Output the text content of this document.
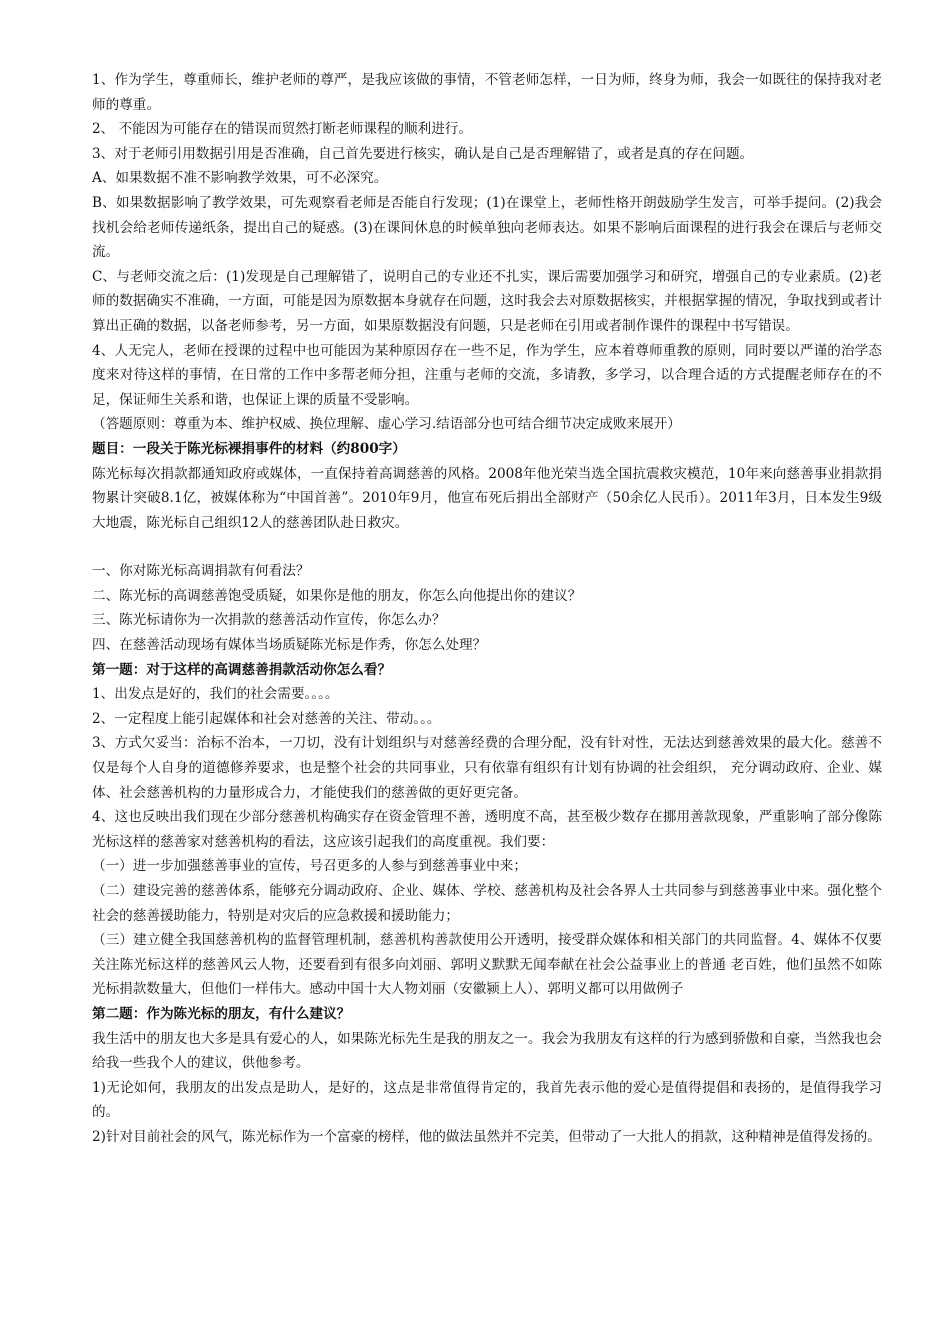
1、作为学生，尊重师长，维护老师的尊严，是我应该做的事情，不管老师怎样，一日为师，终身为师，我会一如既往的保持我对老师的尊重。

2、 不能因为可能存在的错误而贸然打断老师课程的顺利进行。

3、对于老师引用数据引用是否准确，自己首先要进行核实，确认是自己是否理解错了，或者是真的存在问题。

A、如果数据不准不影响教学效果，可不必深究。

B、如果数据影响了教学效果，可先观察看老师是否能自行发现；(1)在课堂上，老师性格开朗鼓励学生发言，可举手提问。(2)我会找机会给老师传递纸条，提出自己的疑惑。(3)在课间休息的时候单独向老师表达。如果不影响后面课程的进行我会在课后与老师交流。

C、与老师交流之后：(1)发现是自己理解错了，说明自己的专业还不扎实，课后需要加强学习和研究，增强自己的专业素质。(2)老师的数据确实不准确，一方面，可能是因为原数据本身就存在问题，这时我会去对原数据核实，并根据掌握的情况，争取找到或者计算出正确的数据，以备老师参考，另一方面，如果原数据没有问题，只是老师在引用或者制作课件的课程中书写错误。

4、人无完人，老师在授课的过程中也可能因为某种原因存在一些不足，作为学生，应本着尊师重教的原则，同时要以严谨的治学态度来对待这样的事情，在日常的工作中多帮老师分担，注重与老师的交流，多请教，多学习，以合理合适的方式提醒老师存在的不足，保证师生关系和谐，也保证上课的质量不受影响。

（答题原则：尊重为本、维护权威、换位理解、虚心学习.结语部分也可结合细节决定成败来展开）

题目：一段关于陈光标裸捐事件的材料（约800字）

陈光标每次捐款都通知政府或媒体，一直保持着高调慈善的风格。2008年他光荣当选全国抗震救灾模范，10年来向慈善事业捐款捐物累计突破8.1亿，被媒体称为“中国首善”。2010年9月，他宣布死后捐出全部财产（50余亿人民币）。2011年3月，日本发生9级大地震，陈光标自己组织12人的慈善团队赴日救灾。

一、你对陈光标高调捐款有何看法？

二、陈光标的高调慈善饱受质疑，如果你是他的朋友，你怎么向他提出你的建议？

三、陈光标请你为一次捐款的慈善活动作宣传，你怎么办？

四、在慈善活动现场有媒体当场质疑陈光标是作秀，你怎么处理？

第一题：对于这样的高调慈善捐款活动你怎么看？

1、出发点是好的，我们的社会需要。。。。

2、一定程度上能引起媒体和社会对慈善的关注、带动。。。

3、方式欠妥当：治标不治本，一刀切，没有计划组织与对慈善经费的合理分配，没有针对性，无法达到慈善效果的最大化。慈善不仅是每个人自身的道德修养要求，也是整个社会的共同事业，只有依靠有组织有计划有协调的社会组织， 充分调动政府、企业、媒体、社会慈善机构的力量形成合力，才能使我们的慈善做的更好更完备。

4、这也反映出我们现在少部分慈善机构确实存在资金管理不善，透明度不高，甚至极少数存在挪用善款现象，严重影响了部分像陈光标这样的慈善家对慈善机构的看法，这应该引起我们的高度重视。我们要：

（一）进一步加强慈善事业的宣传，号召更多的人参与到慈善事业中来；

（二）建设完善的慈善体系，能够充分调动政府、企业、媒体、学校、慈善机构及社会各界人士共同参与到慈善事业中来。强化整个社会的慈善援助能力，特别是对灾后的应急救援和援助能力；

（三）建立健全我国慈善机构的监督管理机制，慈善机构善款使用公开透明，接受群众媒体和相关部门的共同监督。4、媒体不仅要关注陈光标这样的慈善风云人物，还要看到有很多向刘丽、郭明义默默无闻奉献在社会公益事业上的普通 老百姓，他们虽然不如陈光标捐款数量大，但他们一样伟大。感动中国十大人物刘丽（安徽颍上人）、郭明义都可以用做例子

第二题：作为陈光标的朋友，有什么建议？

我生活中的朋友也大多是具有爱心的人，如果陈光标先生是我的朋友之一。我会为我朋友有这样的行为感到骄傲和自豪，当然我也会给我一些我个人的建议，供他参考。

1)无论如何，我朋友的出发点是助人，是好的，这点是非常值得肯定的，我首先表示他的爱心是值得提倡和表扬的，是值得我学习的。

2)针对目前社会的风气，陈光标作为一个富豪的榜样，他的做法虽然并不完美，但带动了一大批人的捐款，这种精神是值得发扬的。
